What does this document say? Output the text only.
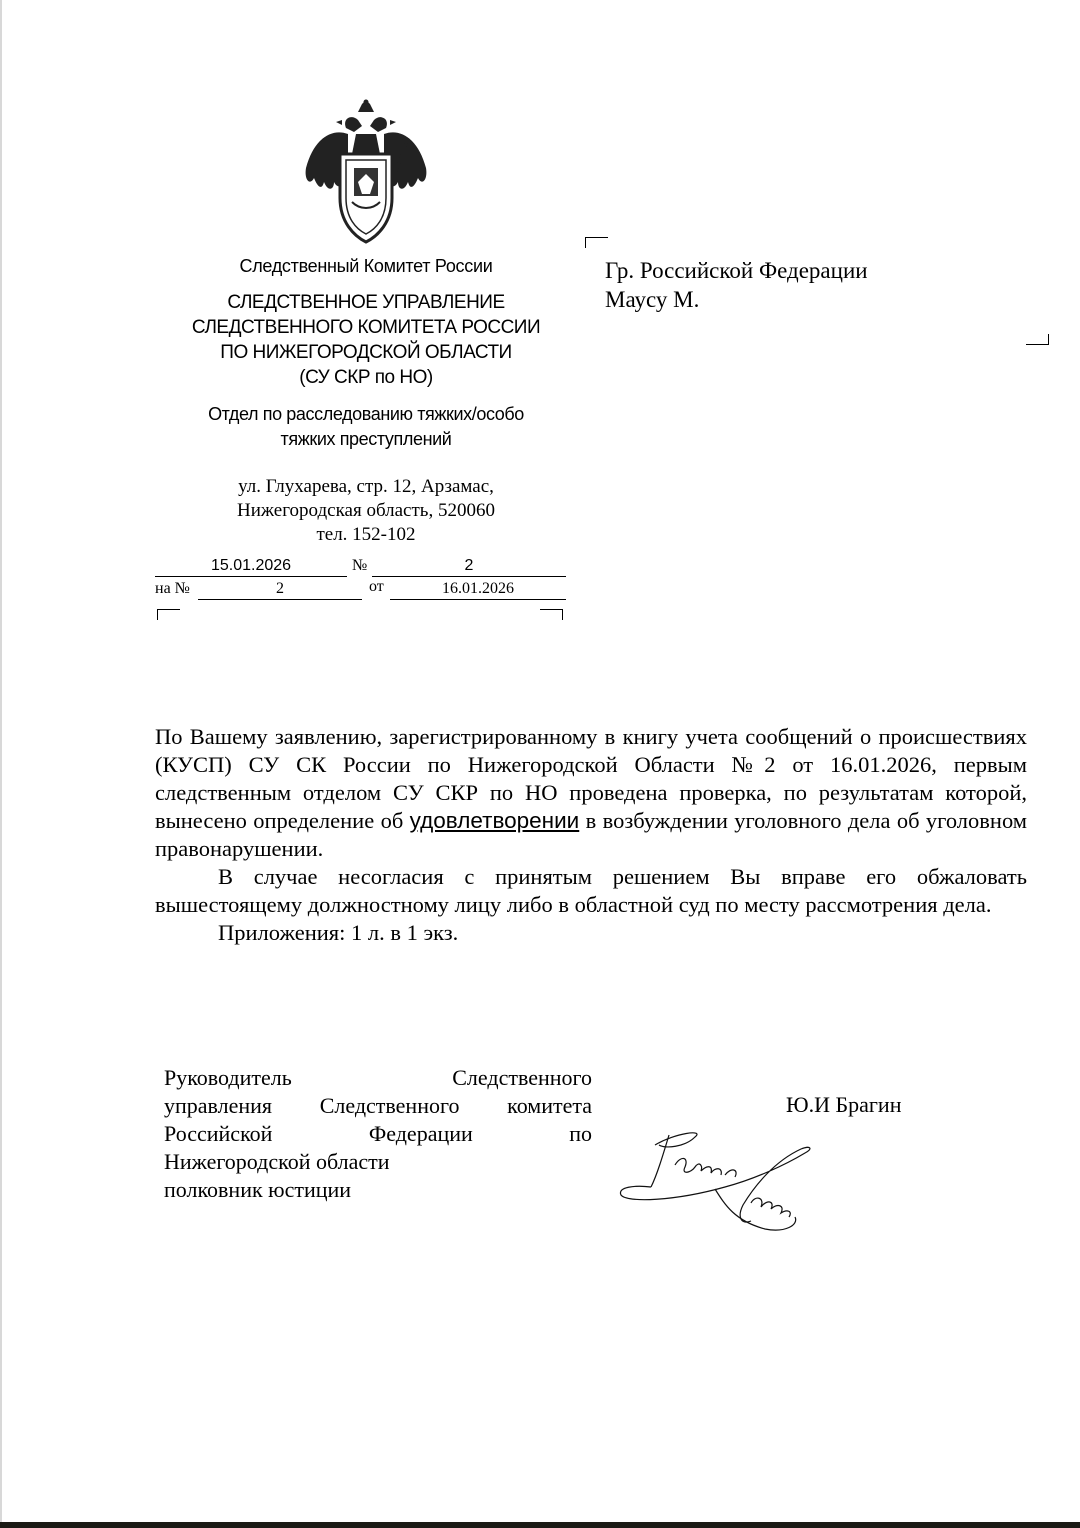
Следственный Комитет России
СЛЕДСТВЕННОЕ УПРАВЛЕНИЕ
СЛЕДСТВЕННОГО КОМИТЕТА РОССИИ
ПО НИЖЕГОРОДСКОЙ ОБЛАСТИ
(СУ СКР по НО)
Отдел по расследованию тяжких/особо
тяжких преступлений
ул. Глухарева, стр. 12, Арзамас,
Нижегородская область, 520060
тел. 152-102
15.01.2026	№	2
на №	2	от	16.01.2026
Гр. Российской Федерации
Маусу М.

По Вашему заявлению, зарегистрированному в книгу учета сообщений о происшествиях (КУСП) СУ СК России по Нижегородской Области №2 от 16.01.2026, первым следственным отделом СУ СКР по НО проведена проверка, по результатам которой, вынесено определение об удовлетворении в возбуждении уголовного дела об уголовном правонарушении.

В случае несогласия с принятым решением Вы вправе его обжаловать вышестоящему должностному лицу либо в областной суд по месту рассмотрения дела.

Приложения: 1 л. в 1 экз.

Руководитель Следственного
управления Следственного комитета
Российской Федерации по
Нижегородской области
полковник юстиции
Ю.И Брагин
